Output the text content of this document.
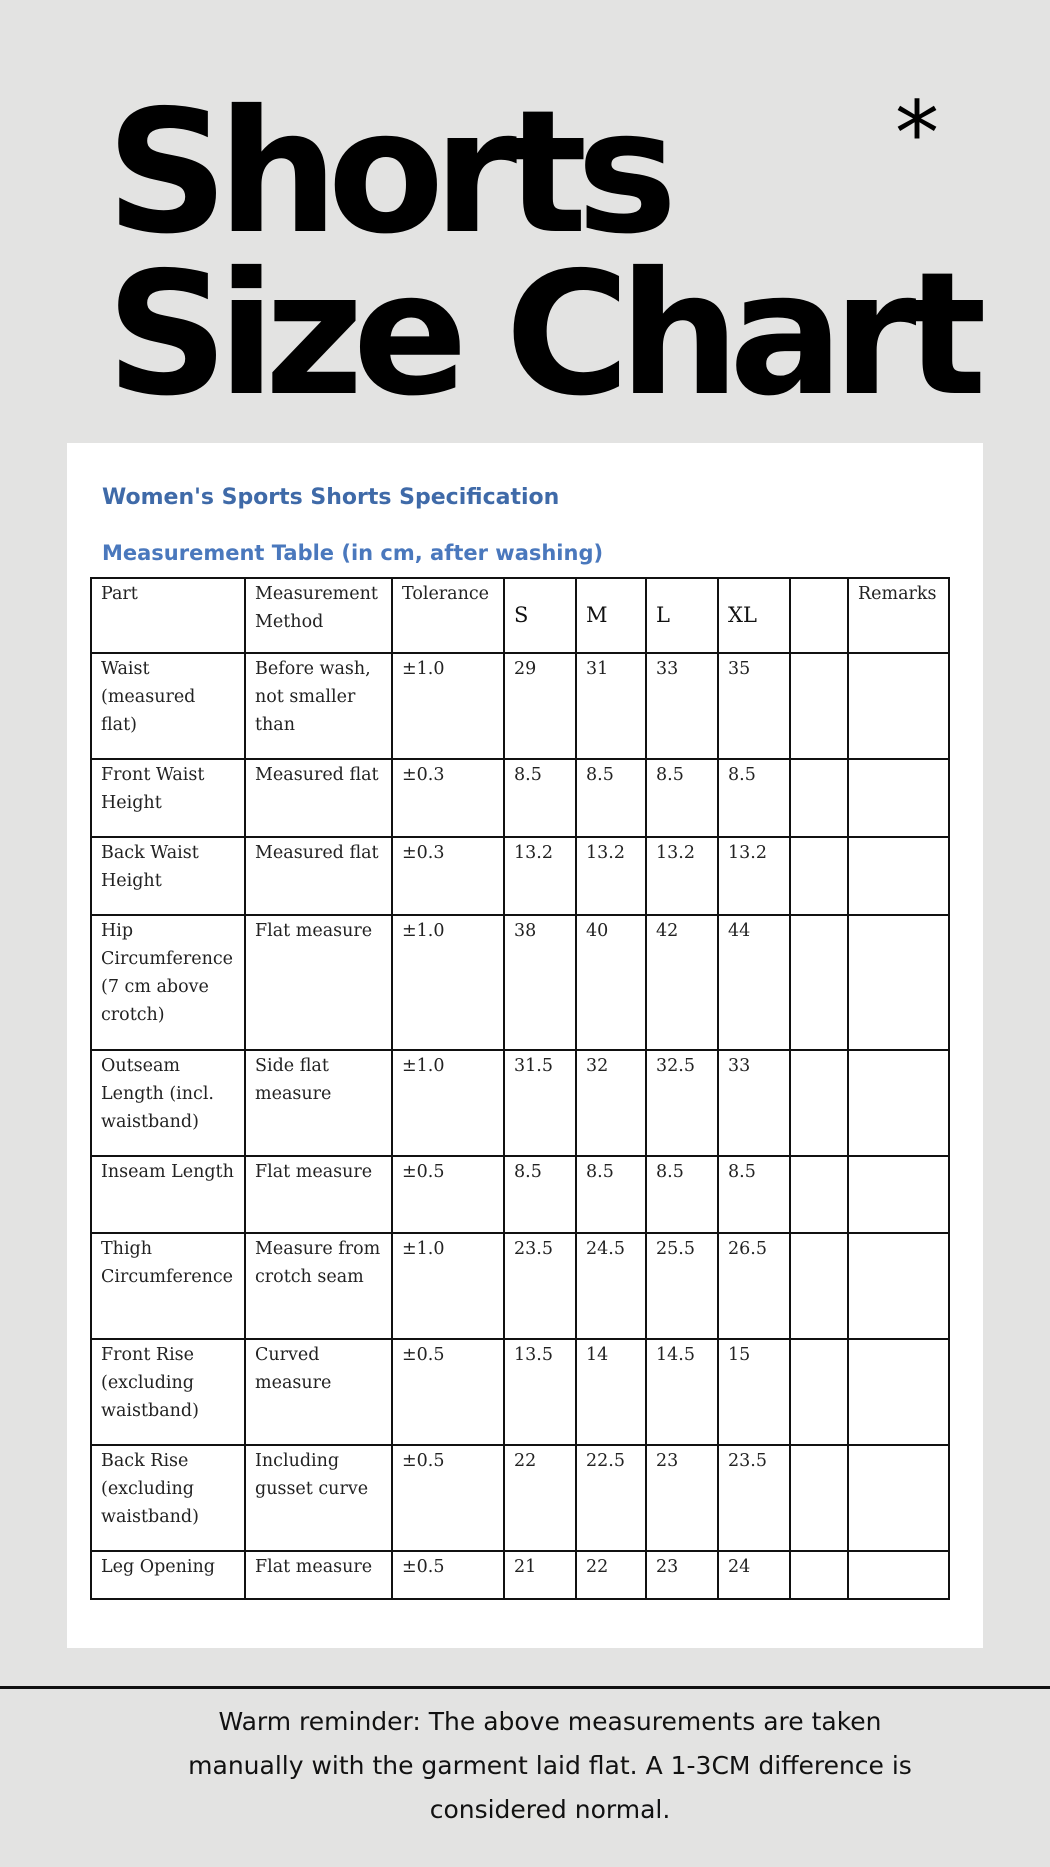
Shorts
Size Chart
*
Women's Sports Shorts Specification
Measurement Table (in cm, after washing)
Part	Measurement Method	Tolerance	S	M	L	XL		Remarks
Waist (measured flat)	Before wash, not smaller than	±1.0	29	31	33	35		
Front Waist Height	Measured flat	±0.3	8.5	8.5	8.5	8.5		
Back Waist Height	Measured flat	±0.3	13.2	13.2	13.2	13.2		
Hip Circumference (7 cm above crotch)	Flat measure	±1.0	38	40	42	44		
Outseam Length (incl. waistband)	Side flat measure	±1.0	31.5	32	32.5	33		
Inseam Length	Flat measure	±0.5	8.5	8.5	8.5	8.5		
Thigh Circumference	Measure from crotch seam	±1.0	23.5	24.5	25.5	26.5		
Front Rise (excluding waistband)	Curved measure	±0.5	13.5	14	14.5	15		
Back Rise (excluding waistband)	Including gusset curve	±0.5	22	22.5	23	23.5		
Leg Opening	Flat measure	±0.5	21	22	23	24		

Warm reminder: The above measurements are taken manually with the garment laid flat. A 1-3CM difference is considered normal.
